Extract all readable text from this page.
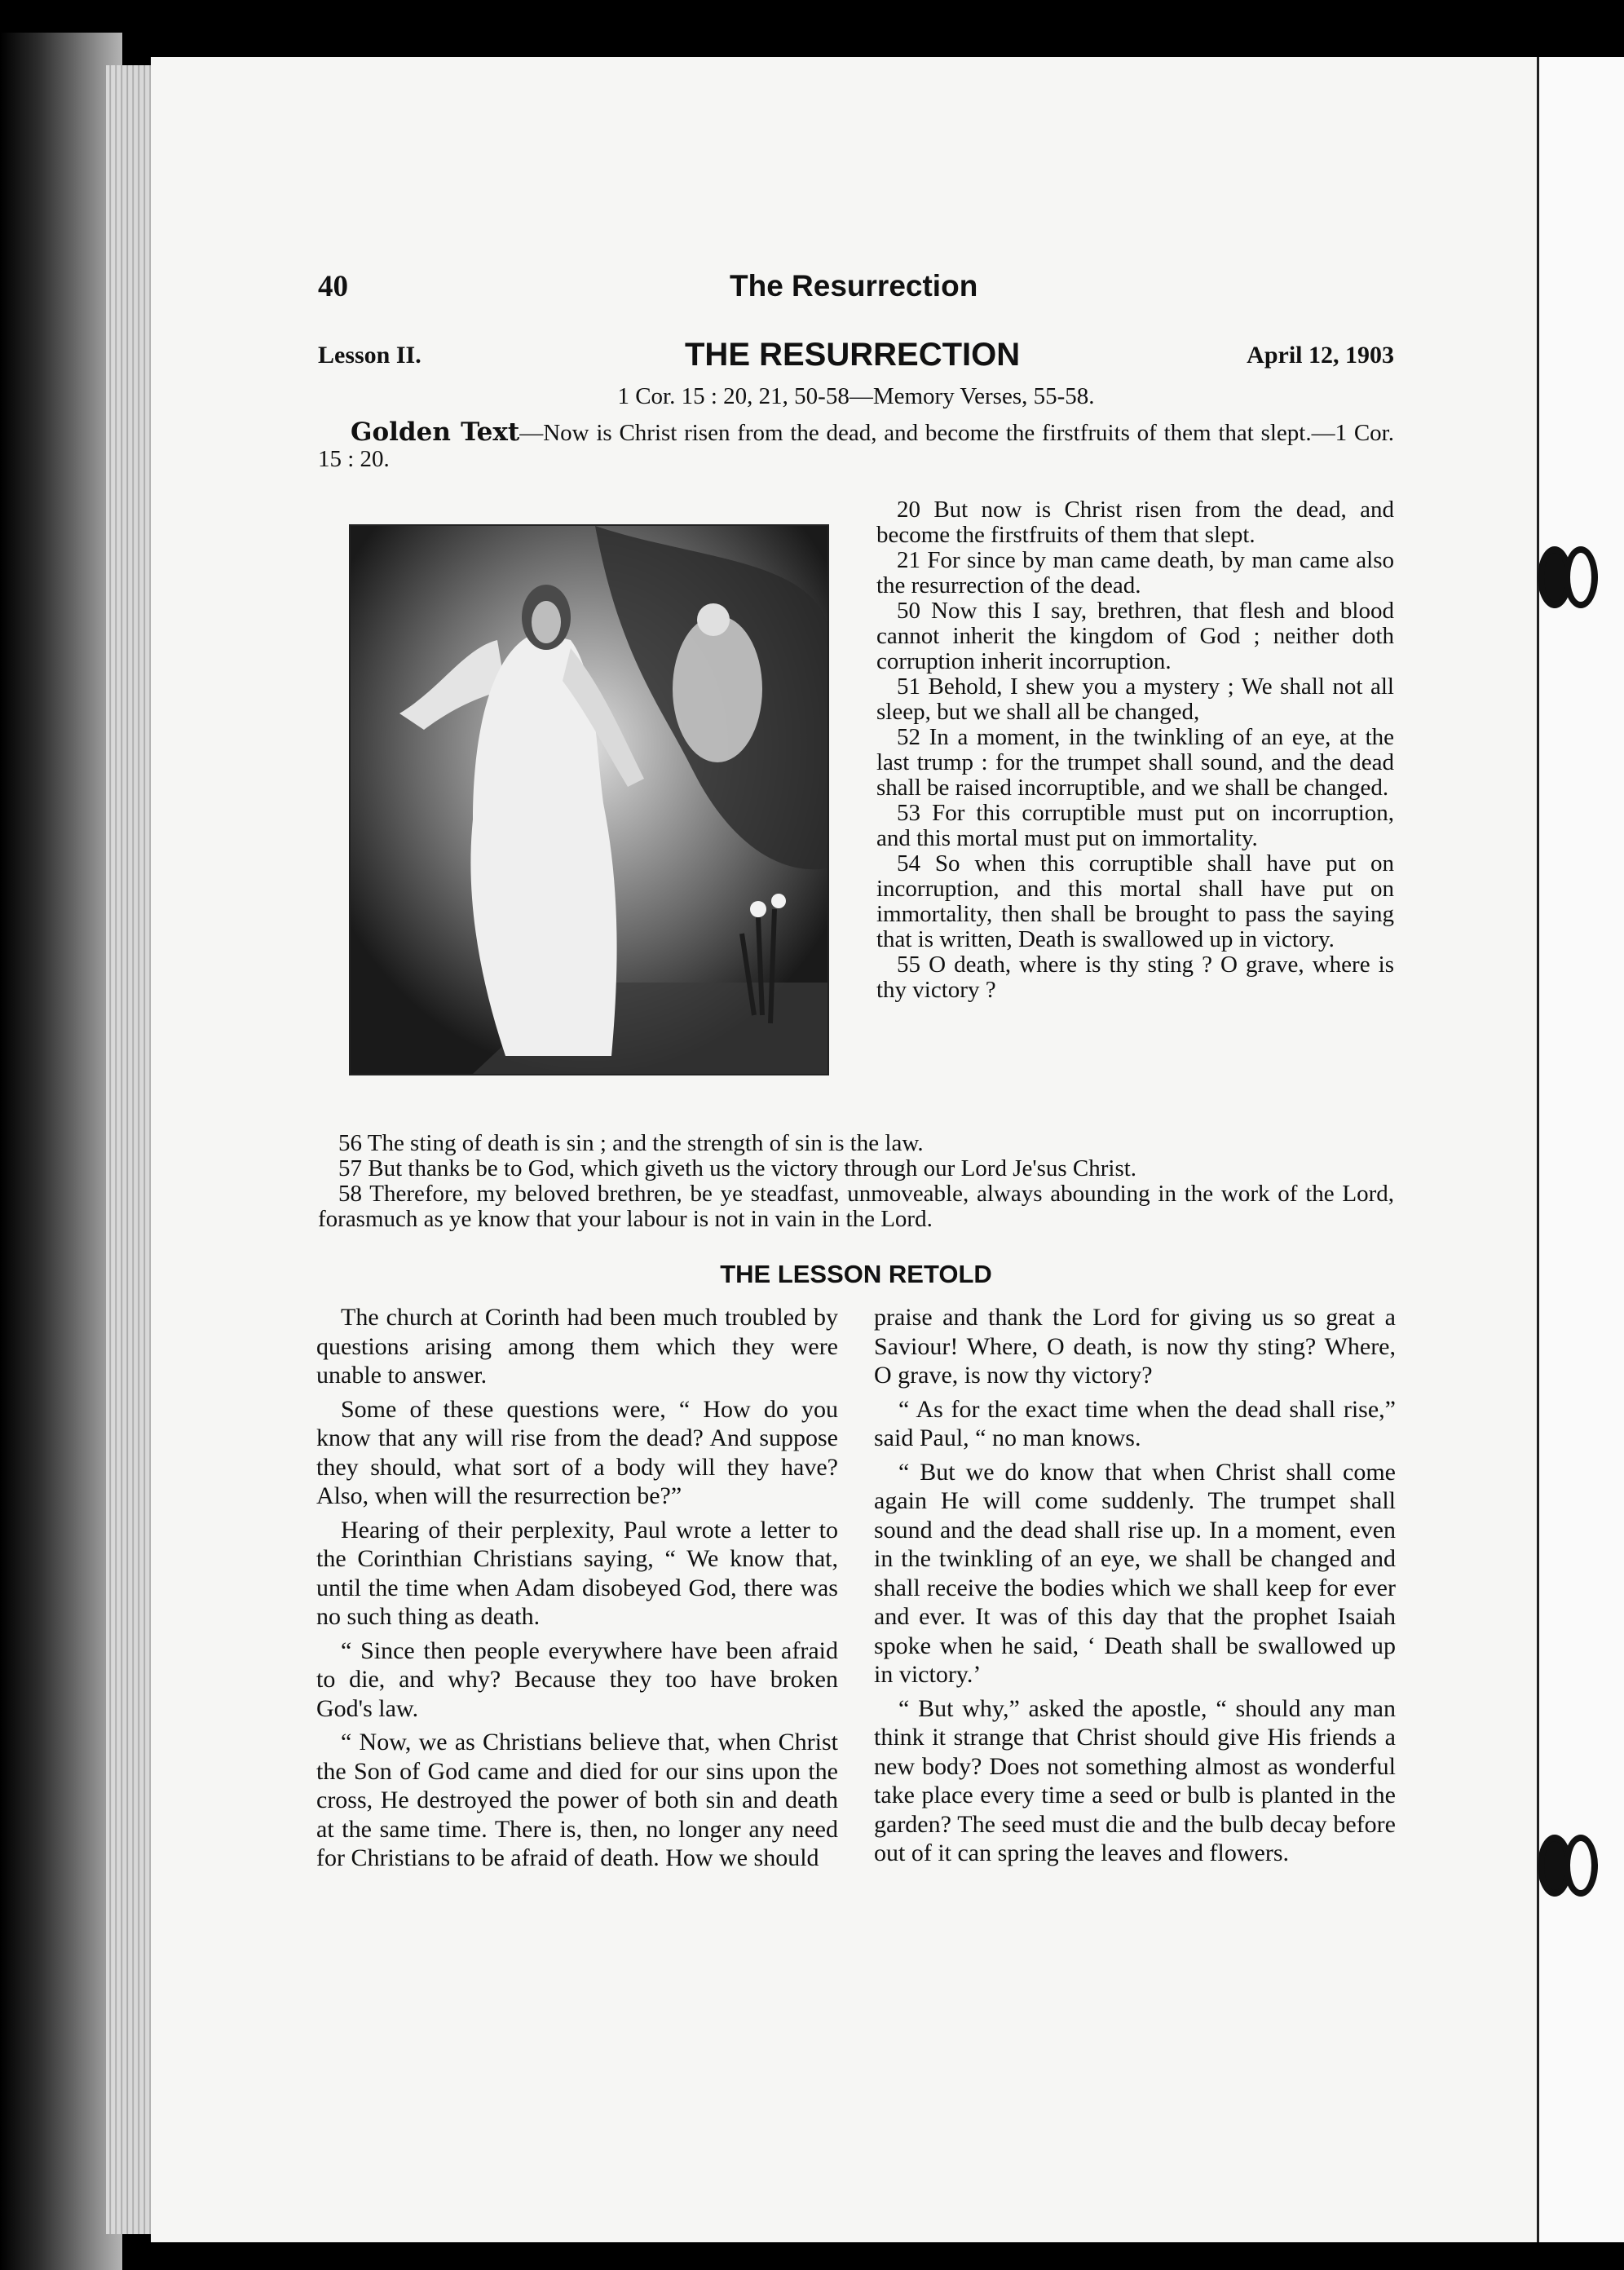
40	The Resurrection
Lesson II.	THE RESURRECTION	April 12, 1903
1 Cor. 15 : 20, 21, 50-58—Memory Verses, 55-58.
Golden Text—Now is Christ risen from the dead, and become the firstfruits of them that slept.—1 Cor. 15 : 20.

20 But now is Christ risen from the dead, and become the firstfruits of them that slept.

21 For since by man came death, by man came also the resurrection of the dead.

50 Now this I say, brethren, that flesh and blood cannot inherit the kingdom of God ; neither doth corruption inherit incorruption.

51 Behold, I shew you a mystery ; We shall not all sleep, but we shall all be changed,

52 In a moment, in the twinkling of an eye, at the last trump : for the trumpet shall sound, and the dead shall be raised incorruptible, and we shall be changed.

53 For this corruptible must put on incorruption, and this mortal must put on immortality.

54 So when this corruptible shall have put on incorruption, and this mortal shall have put on immortality, then shall be brought to pass the saying that is written, Death is swallowed up in victory.

55 O death, where is thy sting ? O grave, where is thy victory ?

56 The sting of death is sin ; and the strength of sin is the law.

57 But thanks be to God, which giveth us the victory through our Lord Je'sus Christ.

58 Therefore, my beloved brethren, be ye steadfast, unmoveable, always abounding in the work of the Lord, forasmuch as ye know that your labour is not in vain in the Lord.

THE LESSON RETOLD

The church at Corinth had been much troubled by questions arising among them which they were unable to answer.

Some of these questions were, “ How do you know that any will rise from the dead? And suppose they should, what sort of a body will they have? Also, when will the resurrection be?”

Hearing of their perplexity, Paul wrote a letter to the Corinthian Christians saying, “ We know that, until the time when Adam disobeyed God, there was no such thing as death.

“ Since then people everywhere have been afraid to die, and why? Because they too have broken God's law.

“ Now, we as Christians believe that, when Christ the Son of God came and died for our sins upon the cross, He destroyed the power of both sin and death at the same time. There is, then, no longer any need for Christians to be afraid of death. How we should

praise and thank the Lord for giving us so great a Saviour! Where, O death, is now thy sting? Where, O grave, is now thy victory?

“ As for the exact time when the dead shall rise,” said Paul, “ no man knows.

“ But we do know that when Christ shall come again He will come suddenly. The trumpet shall sound and the dead shall rise up. In a moment, even in the twinkling of an eye, we shall be changed and shall receive the bodies which we shall keep for ever and ever. It was of this day that the prophet Isaiah spoke when he said, ‘ Death shall be swallowed up in victory.’

“ But why,” asked the apostle, “ should any man think it strange that Christ should give His friends a new body? Does not something almost as wonderful take place every time a seed or bulb is planted in the garden? The seed must die and the bulb decay before out of it can spring the leaves and flowers.
